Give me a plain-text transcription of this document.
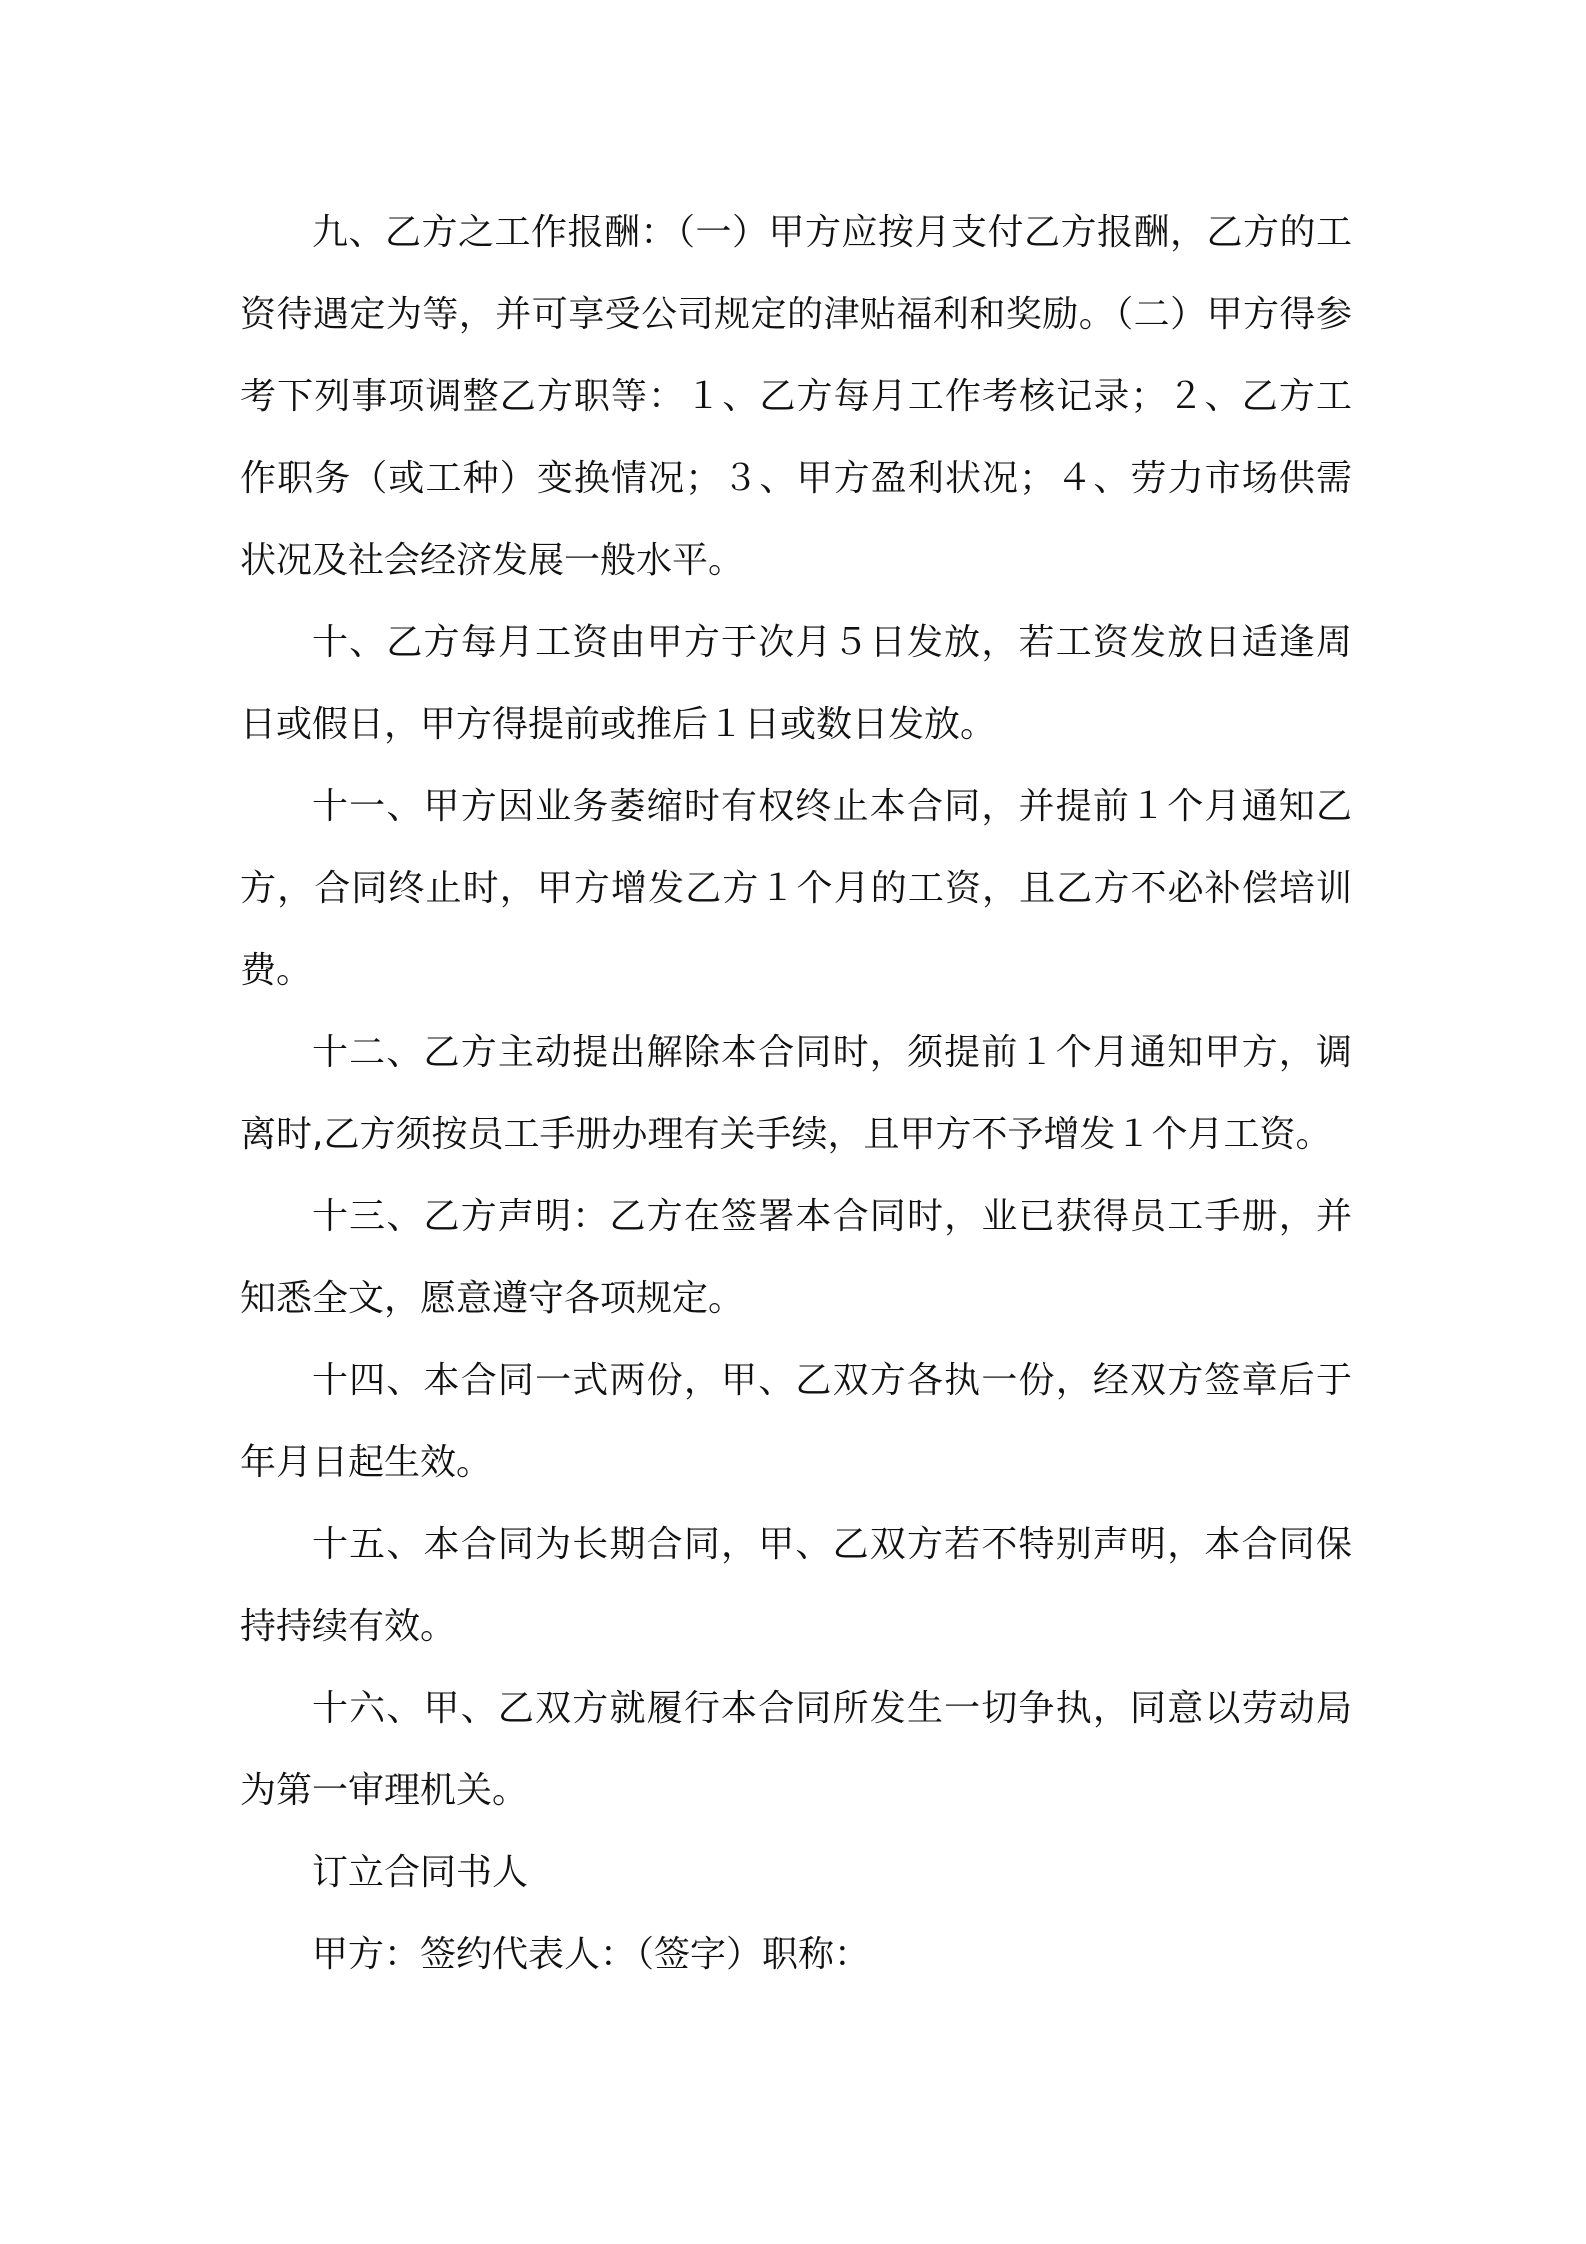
九、乙方之工作报酬：（一）甲方应按月支付乙方报酬，乙方的工资待遇定为等，并可享受公司规定的津贴福利和奖励。（二）甲方得参考下列事项调整乙方职等：１、乙方每月工作考核记录；２、乙方工作职务（或工种）变换情况；３、甲方盈利状况；４、劳力市场供需状况及社会经济发展一般水平。

十、乙方每月工资由甲方于次月５日发放，若工资发放日适逢周日或假日，甲方得提前或推后１日或数日发放。

十一、甲方因业务萎缩时有权终止本合同，并提前１个月通知乙方，合同终止时，甲方增发乙方１个月的工资，且乙方不必补偿培训费。

十二、乙方主动提出解除本合同时，须提前１个月通知甲方，调离时,乙方须按员工手册办理有关手续，且甲方不予增发１个月工资。

十三、乙方声明：乙方在签署本合同时，业已获得员工手册，并知悉全文，愿意遵守各项规定。

十四、本合同一式两份，甲、乙双方各执一份，经双方签章后于年月日起生效。

十五、本合同为长期合同，甲、乙双方若不特别声明，本合同保持持续有效。

十六、甲、乙双方就履行本合同所发生一切争执，同意以劳动局为第一审理机关。

订立合同书人

甲方：签约代表人：（签字）职称：
